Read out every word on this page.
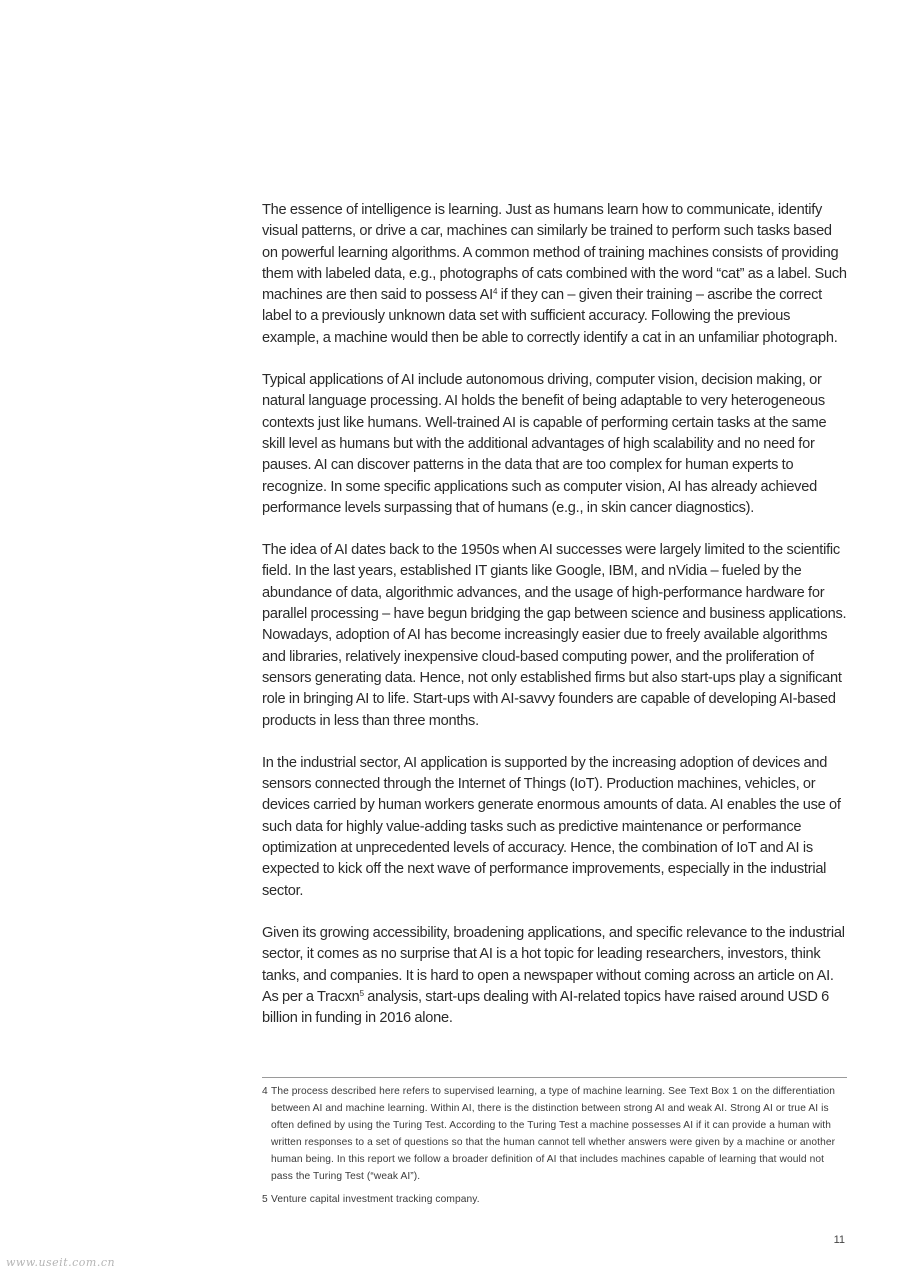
The essence of intelligence is learning. Just as humans learn how to communicate, identify visual patterns, or drive a car, machines can similarly be trained to perform such tasks based on powerful learning algorithms. A common method of training machines consists of providing them with labeled data, e.g., photographs of cats combined with the word “cat” as a label. Such machines are then said to possess $AI^4$ if they can – given their training – ascribe the correct label to a previously unknown data set with sufficient accuracy. Following the previous example, a machine would then be able to correctly identify a cat in an unfamiliar photograph.

Typical applications of AI include autonomous driving, computer vision, decision making, or natural language processing. AI holds the benefit of being adaptable to very heterogeneous contexts just like humans. Well-trained AI is capable of performing certain tasks at the same skill level as humans but with the additional advantages of high scalability and no need for pauses. AI can discover patterns in the data that are too complex for human experts to recognize. In some specific applications such as computer vision, AI has already achieved performance levels surpassing that of humans (e.g., in skin cancer diagnostics).

The idea of AI dates back to the 1950s when AI successes were largely limited to the scientific field. In the last years, established IT giants like Google, IBM, and nVidia – fueled by the abundance of data, algorithmic advances, and the usage of high-performance hardware for parallel processing – have begun bridging the gap between science and business applications. Nowadays, adoption of AI has become increasingly easier due to freely available algorithms and libraries, relatively inexpensive cloud-based computing power, and the proliferation of sensors generating data. Hence, not only established firms but also start-ups play a significant role in bringing AI to life. Start-ups with AI-savvy founders are capable of developing AI-based products in less than three months.

In the industrial sector, AI application is supported by the increasing adoption of devices and sensors connected through the Internet of Things (IoT). Production machines, vehicles, or devices carried by human workers generate enormous amounts of data. AI enables the use of such data for highly value-adding tasks such as predictive maintenance or performance optimization at unprecedented levels of accuracy. Hence, the combination of IoT and AI is expected to kick off the next wave of performance improvements, especially in the industrial sector.

Given its growing accessibility, broadening applications, and specific relevance to the industrial sector, it comes as no surprise that AI is a hot topic for leading researchers, investors, think tanks, and companies. It is hard to open a newspaper without coming across an article on AI. As per a Tracxn$^5$ analysis, start-ups dealing with AI-related topics have raised around USD 6 billion in funding in 2016 alone.

4 The process described here refers to supervised learning, a type of machine learning. See Text Box 1 on the differentiation between AI and machine learning. Within AI, there is the distinction between strong AI and weak AI. Strong AI or true AI is often defined by using the Turing Test. According to the Turing Test a machine possesses AI if it can provide a human with written responses to a set of questions so that the human cannot tell whether answers were given by a machine or another human being. In this report we follow a broader definition of AI that includes machines capable of learning that would not pass the Turing Test (“weak AI”).
5 Venture capital investment tracking company.
11
www.useit.com.cn
